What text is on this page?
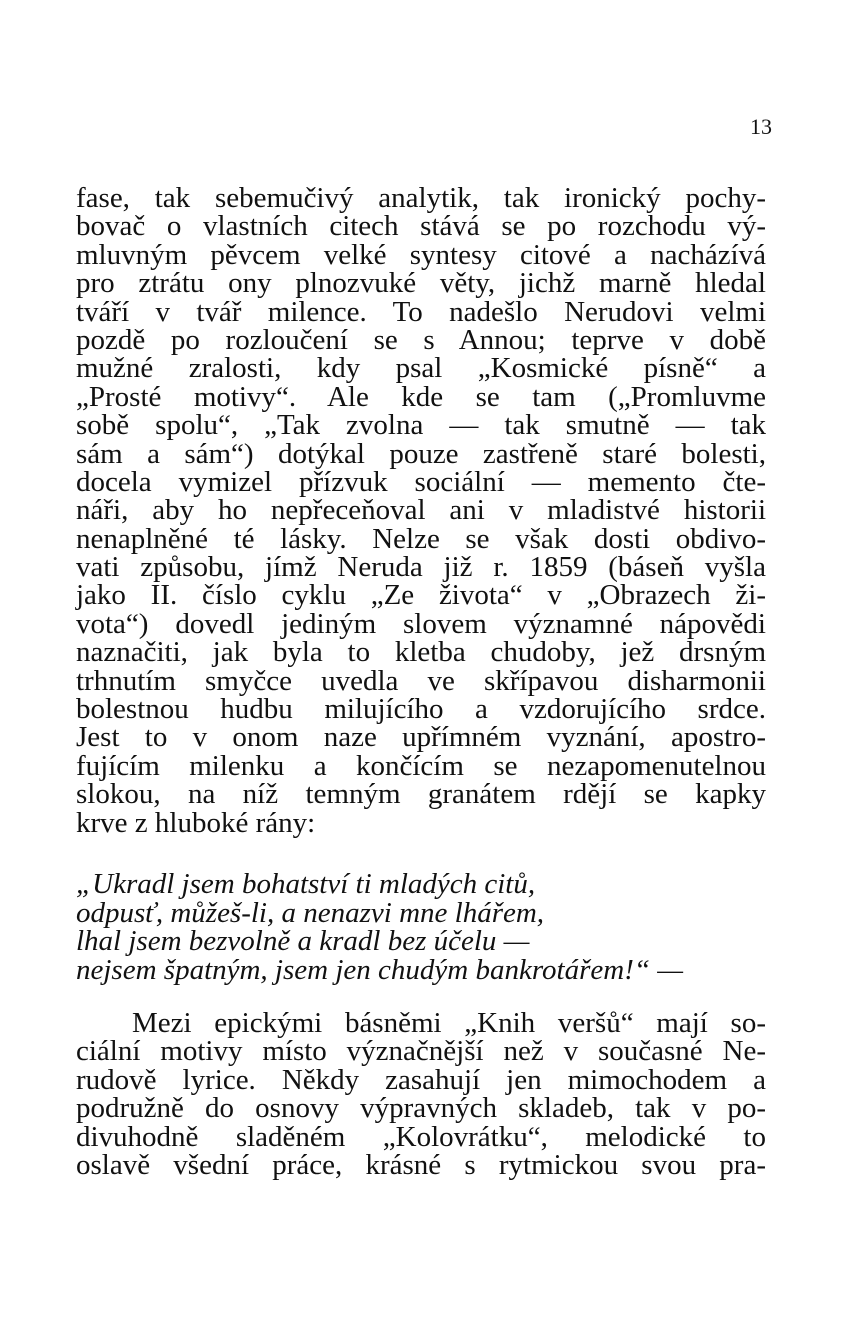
13
fase, tak sebemučivý analytik, tak ironický pochy-
bovač o vlastních citech stává se po rozchodu vý-
mluvným pěvcem velké syntesy citové a nacházívá
pro ztrátu ony plnozvuké věty, jichž marně hledal
tváří v tvář milence. To nadešlo Nerudovi velmi
pozdě po rozloučení se s Annou; teprve v době
mužné zralosti, kdy psal „Kosmické písně“ a
„Prosté motivy“. Ale kde se tam („Promluvme
sobě spolu“, „Tak zvolna — tak smutně — tak
sám a sám“) dotýkal pouze zastřeně staré bolesti,
docela vymizel přízvuk sociální — memento čte-
náři, aby ho nepřeceňoval ani v mladistvé historii
nenaplněné té lásky. Nelze se však dosti obdivo-
vati způsobu, jímž Neruda již r. 1859 (báseň vyšla
jako II. číslo cyklu „Ze života“ v „Obrazech ži-
vota“) dovedl jediným slovem významné nápovědi
naznačiti, jak byla to kletba chudoby, jež drsným
trhnutím smyčce uvedla ve skřípavou disharmonii
bolestnou hudbu milujícího a vzdorujícího srdce.
Jest to v onom naze upřímném vyznání, apostro-
fujícím milenku a končícím se nezapomenutelnou
slokou, na níž temným granátem rdějí se kapky
krve z hluboké rány:
„Ukradl jsem bohatství ti mladých citů,
odpusť, můžeš-li, a nenazvi mne lhářem,
lhal jsem bezvolně a kradl bez účelu —
nejsem špatným, jsem jen chudým bankrotářem!“ —
Mezi epickými básněmi „Knih veršů“ mají so-
ciální motivy místo význačnější než v současné Ne-
rudově lyrice. Někdy zasahují jen mimochodem a
podružně do osnovy výpravných skladeb, tak v po-
divuhodně sladěném „Kolovrátku“, melodické to
oslavě všední práce, krásné s rytmickou svou pra-
